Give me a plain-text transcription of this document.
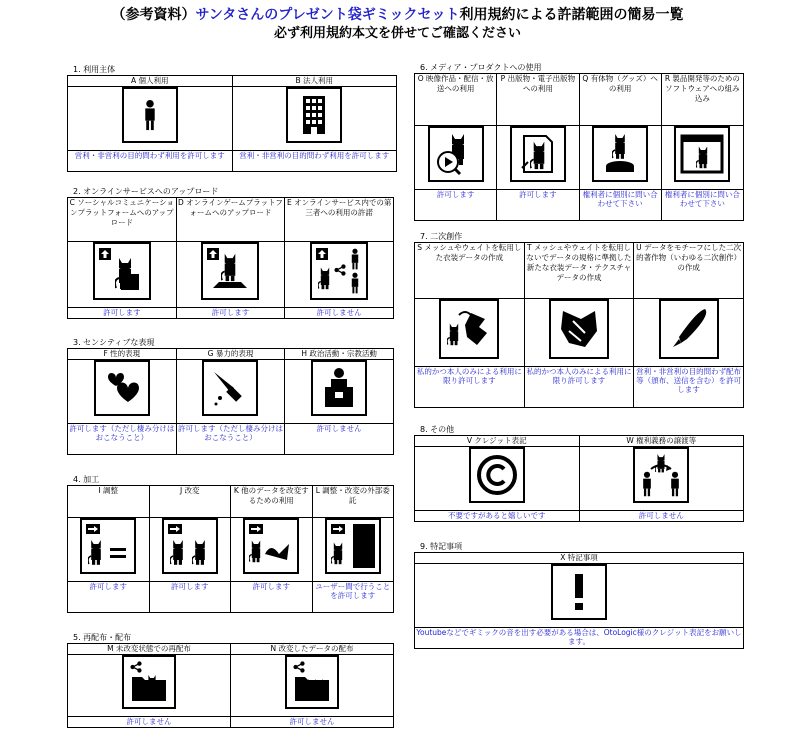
（参考資料）サンタさんのプレゼント袋ギミックセット利用規約による許諾範囲の簡易一覧
必ず利用規約本文を併せてご確認ください
1. 利用主体
A 個人利用	B 法人利用

営利・非営利の目的問わず利用を許可します	営利・非営利の目的問わず利用を許可します
2. オンラインサービスへのアップロード
C ソーシャルコミュニケーションプラットフォームへのアップロード	D オンラインゲームプラットフォームへのアップロード	E オンラインサービス内での第三者への利用の許諾

許可します	許可します	許可しません
3. センシティブな表現
F 性的表現	G 暴力的表現	H 政治活動・宗教活動

許可します（ただし棲み分けはおこなうこと）	許可します（ただし棲み分けはおこなうこと）	許可しません
4. 加工
I 調整	J 改変	K 他のデータを改変するための利用	L 調整・改変の外部委託

許可します	許可します	許可します	ユーザー間で行うことを許可します
5. 再配布・配布
M 未改変状態での再配布	N 改変したデータの配布

許可しません	許可しません
6. メディア・プロダクトへの使用
O 映像作品・配信・放送への利用	P 出版物・電子出版物への利用	Q 有体物（グッズ）への利用	R 製品開発等のためのソフトウェアへの組み込み

許可します	許可します	権利者に個別に問い合わせて下さい	権利者に個別に問い合わせて下さい
7. 二次創作
S メッシュやウェイトを転用した衣装データの作成	T メッシュやウェイトを転用しないでデータの規格に準拠した新たな衣装データ・テクスチャデータの作成	U データをモチーフにした二次的著作物（いわゆる二次創作）の作成

私的かつ本人のみによる利用に限り許可します	私的かつ本人のみによる利用に限り許可します	営利・非営利の目的問わず配布等（頒布、送信を含む）を許可します
8. その他
V クレジット表記	W 権利義務の譲渡等

不要ですがあると嬉しいです	許可しません
9. 特記事項
X 特記事項

Youtubeなどでギミックの音を出す必要がある場合は、OtoLogic様のクレジット表記をお願いします。
